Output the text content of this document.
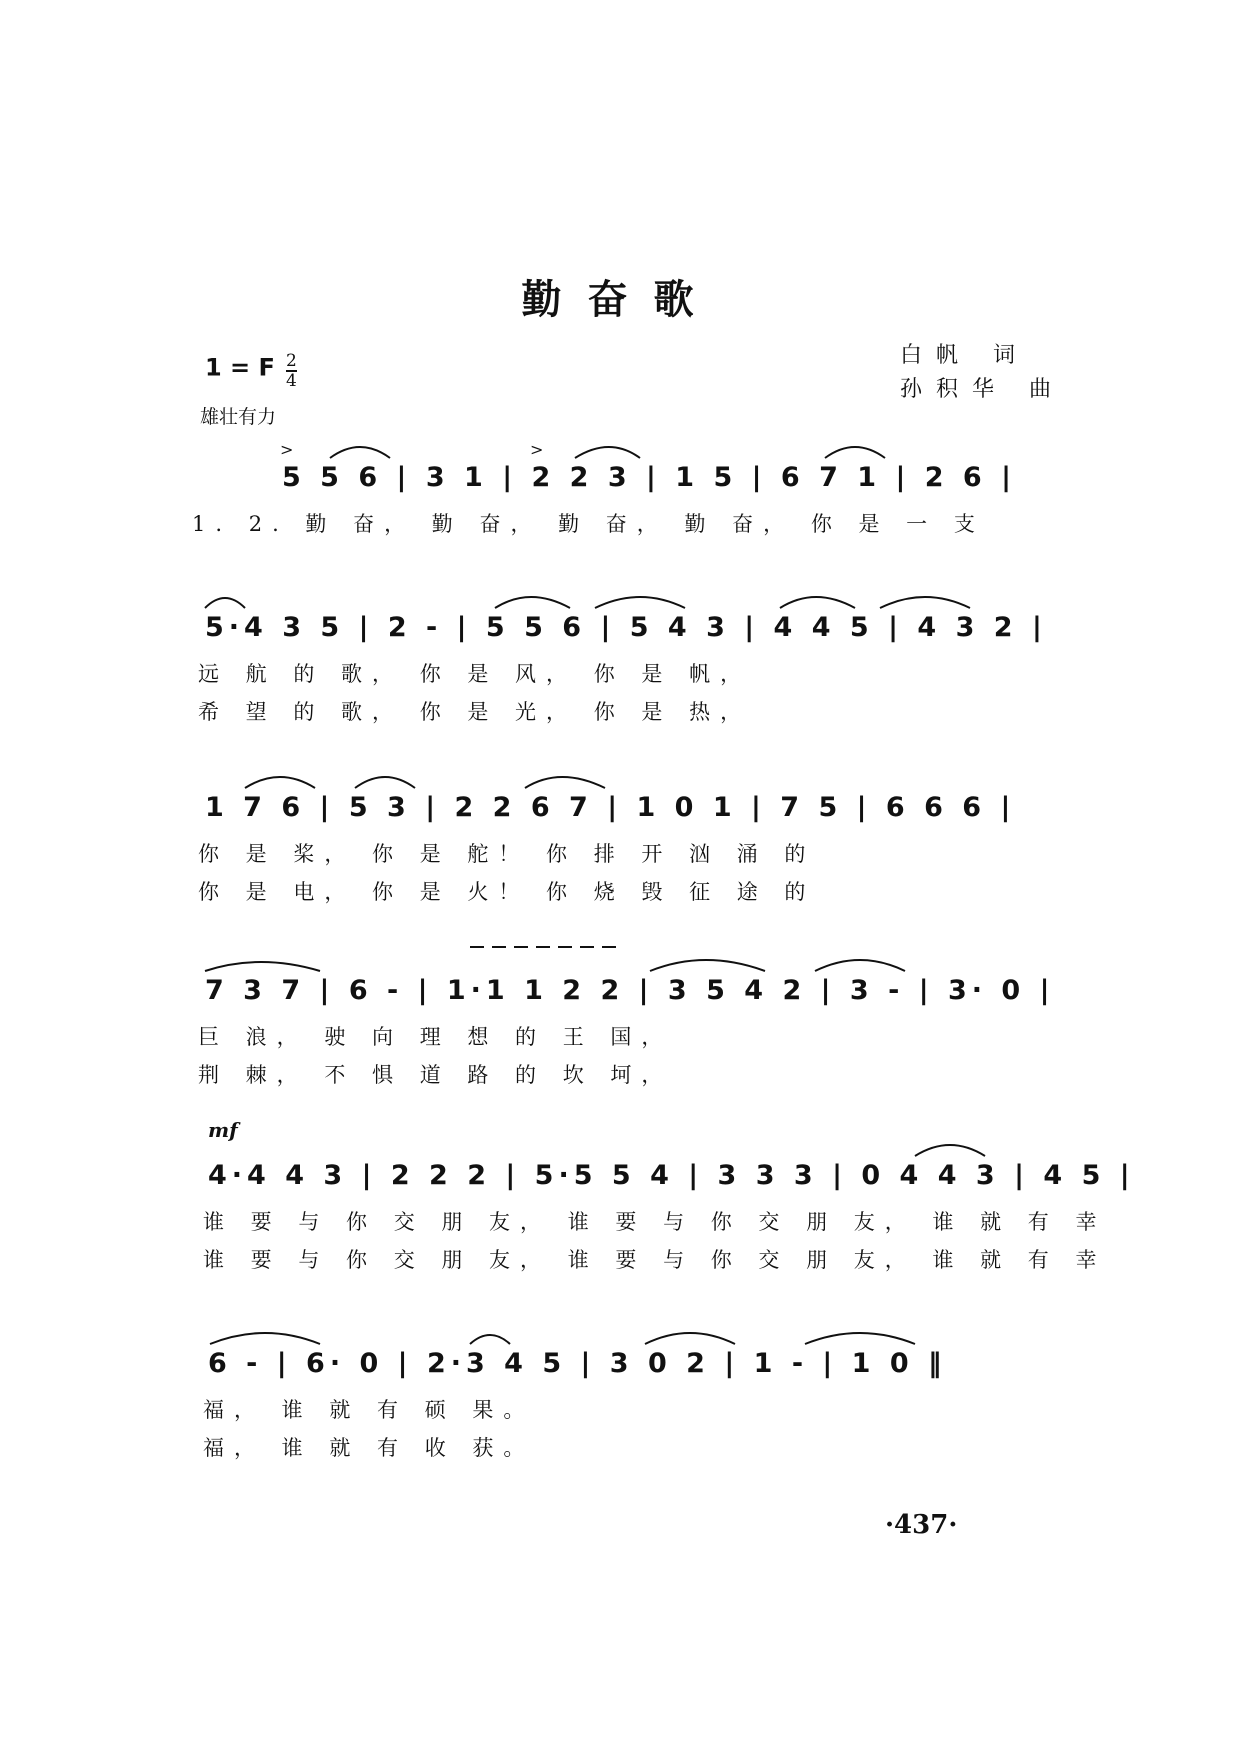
勤奋歌
白帆 词
孙积华 曲
1 = F $\frac{2}{4}$
雄壮有力
>	>
5 5 6 | 3 1 | 2 2 3 | 1 5 | 6 7 1 | 2 6 |
1. 2. 勤 奋， 勤 奋， 勤 奋， 勤 奋， 你 是 一 支
5·4 3 5 | 2 - | 5 5 6 | 5 4 3 | 4 4 5 | 4 3 2 |
远 航 的 歌， 你 是 风， 你 是 帆，
希 望 的 歌， 你 是 光， 你 是 热，
1 7 6 | 5 3 | 2 2 6 7 | 1 0 1 | 7 5 | 6 6 6 |
你 是 桨， 你 是 舵！ 你 排 开 汹 涌 的
你 是 电， 你 是 火！ 你 烧 毁 征 途 的
7 3 7 | 6 - | 1·1 1 2 2 | 3 5 4 2 | 3 - | 3· 0 |
巨 浪， 驶 向 理 想 的 王 国，
荆 棘， 不 惧 道 路 的 坎 坷，
mf
4·4 4 3 | 2 2 2 | 5·5 5 4 | 3 3 3 | 0 4 4 3 | 4 5 |
谁 要 与 你 交 朋 友， 谁 要 与 你 交 朋 友， 谁 就 有 幸
谁 要 与 你 交 朋 友， 谁 要 与 你 交 朋 友， 谁 就 有 幸
6 - | 6· 0 | 2·3 4 5 | 3 0 2 | 1 - | 1 0 ‖
福， 谁 就 有 硕 果。
福， 谁 就 有 收 获。
·437·
